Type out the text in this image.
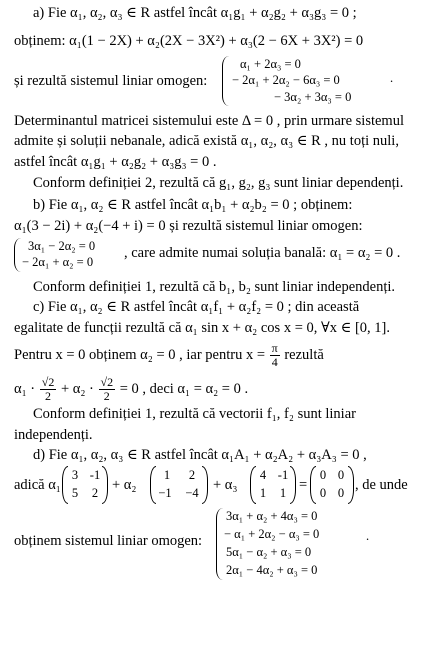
a) Fie α₁, α₂, α₃ ∈ R astfel încât α₁g₁ + α₂g₂ + α₃g₃ = 0 ;
obținem: α₁(1 − 2X) + α₂(2X − 3X²) + α₃(2 − 6X + 3X²) = 0
și rezultă sistemul liniar omogen:
α₁ + 2α₃ = 0
− 2α₁ + 2α₂ − 6α₃ = 0
− 3α₂ + 3α₃ = 0
.
Determinantul matricei sistemului este Δ = 0 , prin urmare sistemul
admite și soluții nebanale, adică există α₁, α₂, α₃ ∈ R , nu toți nuli,
astfel încât α₁g₁ + α₂g₂ + α₃g₃ = 0 .
Conform definiției 2, rezultă că g₁, g₂, g₃ sunt liniar dependenți.
b) Fie α₁, α₂ ∈ R astfel încât α₁b₁ + α₂b₂ = 0 ; obținem:
α₁(3 − 2i) + α₂(−4 + i) = 0 și rezultă sistemul liniar omogen:
3α₁ − 2α₂ = 0
− 2α₁ + α₂ = 0
, care admite numai soluția banală: α₁ = α₂ = 0 .
Conform definiției 1, rezultă că b₁, b₂ sunt liniar independenți.
c) Fie α₁, α₂ ∈ R astfel încât α₁f₁ + α₂f₂ = 0 ; din această
egalitate de funcții rezultă că α₁ sin x + α₂ cos x = 0, ∀x ∈ [0, 1].
Pentru x = 0 obținem α₂ = 0 , iar pentru $x = \frac{\pi}{4}$ rezultă
$\alpha_1 \cdot \frac{√2}{2} + \alpha_2 \cdot \frac{√2}{2} = 0$ , deci α₁ = α₂ = 0 .
Conform definiției 1, rezultă că vectorii f₁, f₂ sunt liniar
independenți.
d) Fie α₁, α₂, α₃ ∈ R astfel încât α₁A₁ + α₂A₂ + α₃A₃ = 0 ,
adică α₁
3 -1
5	2 + α₂
1	2
−1 −4 + α₃
4 -1
1	1 =
0 0
0 0 , de unde
obținem sistemul liniar omogen:
3α₁ + α₂ + 4α₃ = 0
− α₁ + 2α₂ − α₃ = 0
5α₁ − α₂ + α₃ = 0
2α₁ − 4α₂ + α₃ = 0
.
